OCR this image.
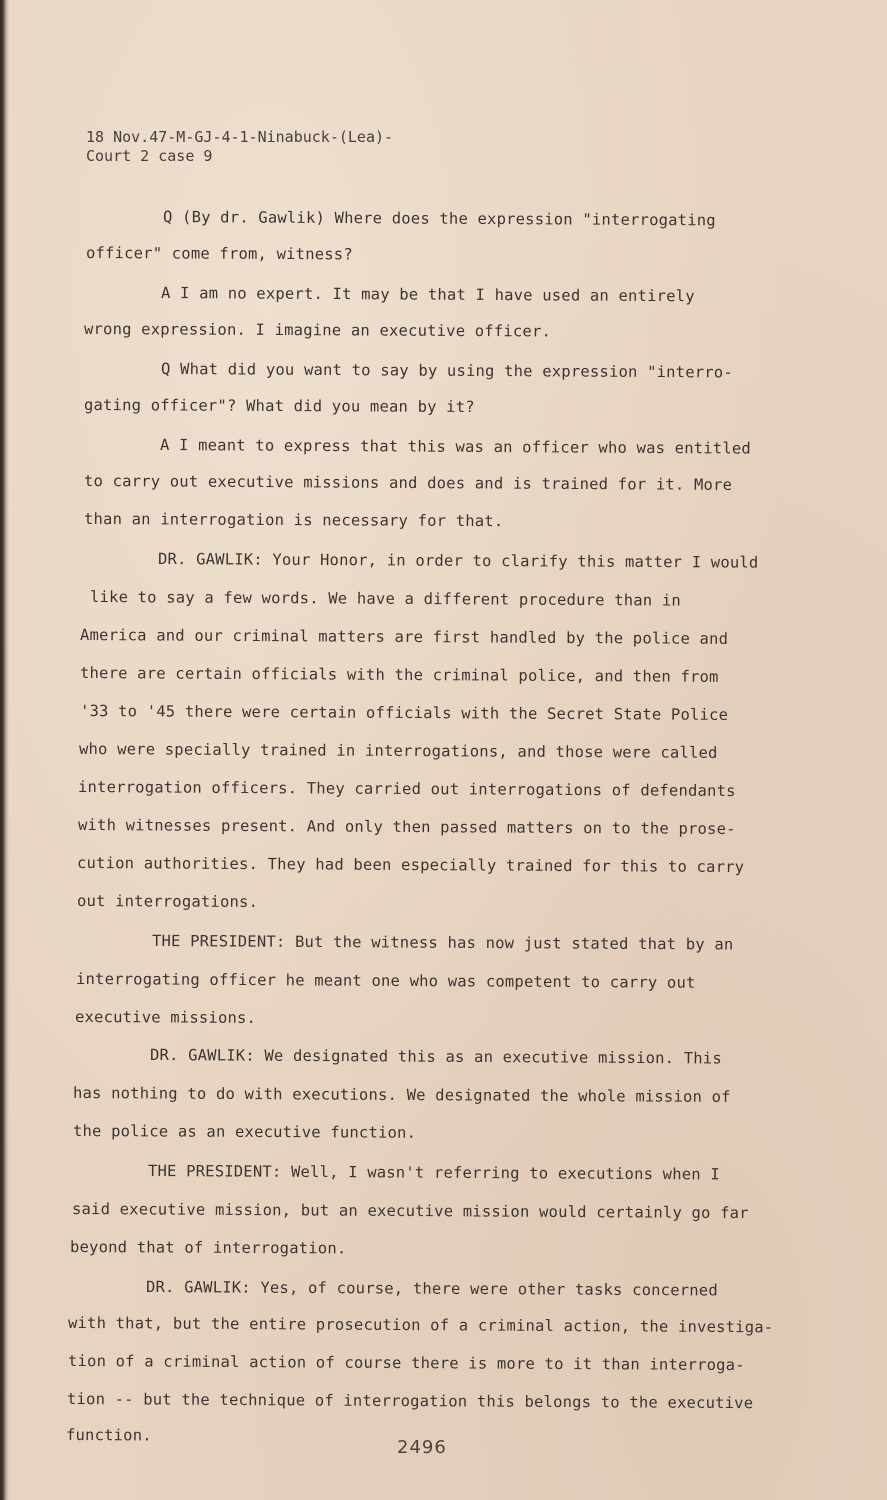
18 Nov.47-M-GJ-4-1-Ninabuck-(Lea)-
Court 2 case 9
Q (By dr. Gawlik) Where does the expression "interrogating
officer" come from, witness?
A I am no expert. It may be that I have used an entirely
wrong expression. I imagine an executive officer.
Q What did you want to say by using the expression "interro-
gating officer"? What did you mean by it?
A I meant to express that this was an officer who was entitled
to carry out executive missions and does and is trained for it. More
than an interrogation is necessary for that.
DR. GAWLIK: Your Honor, in order to clarify this matter I would
like to say a few words. We have a different procedure than in
America and our criminal matters are first handled by the police and
there are certain officials with the criminal police, and then from
'33 to '45 there were certain officials with the Secret State Police
who were specially trained in interrogations, and those were called
interrogation officers. They carried out interrogations of defendants
with witnesses present. And only then passed matters on to the prose-
cution authorities. They had been especially trained for this to carry
out interrogations.
THE PRESIDENT: But the witness has now just stated that by an
interrogating officer he meant one who was competent to carry out
executive missions.
DR. GAWLIK: We designated this as an executive mission. This
has nothing to do with executions. We designated the whole mission of
the police as an executive function.
THE PRESIDENT: Well, I wasn't referring to executions when I
said executive mission, but an executive mission would certainly go far
beyond that of interrogation.
DR. GAWLIK: Yes, of course, there were other tasks concerned
with that, but the entire prosecution of a criminal action, the investiga-
tion of a criminal action of course there is more to it than interroga-
tion -- but the technique of interrogation this belongs to the executive
function.
2496
